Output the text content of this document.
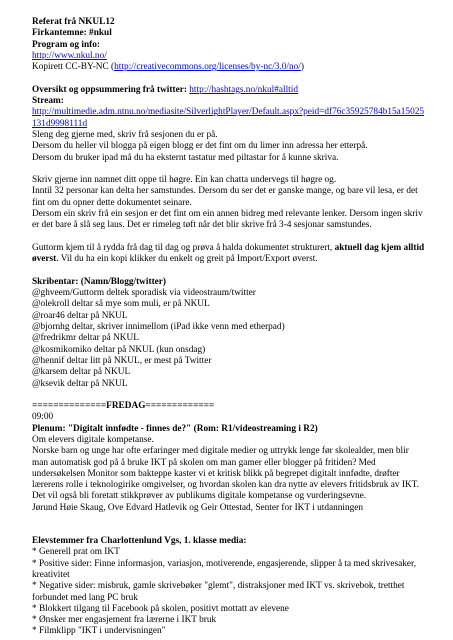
Referat frå NKUL12
Firkantemne: #nkul
Program og info:
http://www.nkul.no/
Kopirett CC-BY-NC (http://creativecommons.org/licenses/by-nc/3.0/no/)
Oversikt og oppsummering frå twitter: http://hashtags.no/nkul#alltid
Stream:
http://multimedie.adm.ntnu.no/mediasite/SilverlightPlayer/Default.aspx?peid=df76c35925784b15a15025
131d9998111d
Sleng deg gjerne med, skriv frå sesjonen du er på.
Dersom du heller vil blogga på eigen blogg er det fint om du limer inn adressa her etterpå.
Dersom du bruker ipad må du ha eksternt tastatur med piltastar for å kunne skriva.
Skriv gjerne inn namnet ditt oppe til høgre. Ein kan chatta undervegs til høgre og.
Inntil 32 personar kan delta her samstundes. Dersom du ser det er ganske mange, og bare vil lesa, er det
fint om du opner dette dokumentet seinare.
Dersom ein skriv frå ein sesjon er det fint om ein annen bidreg med relevante lenker. Dersom ingen skriv
er det bare å slå seg laus. Det er rimeleg tøft når det blir skrive frå 3-4 sesjonar samstundes.
Guttorm kjem til å rydda frå dag til dag og prøva å halda dokumentet strukturert, aktuell dag kjem alltid
øverst. Vil du ha ein kopi klikker du enkelt og greit på Import/Export øverst.
Skribentar: (Namn/Blogg/twitter)
@ghveem/Guttorm deltek sporadisk via videostraum/twitter
@olekroll deltar så mye som muli, er på NKUL
@roar46 deltar på NKUL
@bjornhg deltar, skriver innimellom (iPad ikke venn med etherpad)
@fredrikmr deltar på NKUL
@kosmikomiko deltar på NKUL (kun onsdag)
@hennif deltar litt på NKUL, er mest på Twitter
@karsem deltar på NKUL
@ksevik deltar på NKUL
==============FREDAG=============
09:00
Plenum: "Digitalt innfødte - finnes de?" (Rom: R1/videostreaming i R2)
Om elevers digitale kompetanse.
Norske barn og unge har ofte erfaringer med digitale medier og uttrykk lenge før skolealder, men blir
man automatisk god på å bruke IKT på skolen om man gamer eller blogger på fritiden? Med
undersøkelsen Monitor som bakteppe kaster vi et kritisk blikk på begrepet digitalt innfødte, drøfter
lærerens rolle i teknologirike omgivelser, og hvordan skolen kan dra nytte av elevers fritidsbruk av IKT.
Det vil også bli foretatt stikkprøver av publikums digitale kompetanse og vurderingsevne.
Jørund Høie Skaug, Ove Edvard Hatlevik og Geir Ottestad, Senter for IKT i utdanningen
Elevstemmer fra Charlottenlund Vgs, 1. klasse media:
* Generell prat om IKT
* Positive sider: Finne informasjon, variasjon, motiverende, engasjerende, slipper å ta med skrivesaker,
kreativitet
* Negative sider: misbruk, gamle skrivebøker "glemt", distraksjoner med IKT vs. skrivebok, tretthet
forbundet med lang PC bruk
* Blokkert tilgang til Facebook på skolen, positivt mottatt av elevene
* Ønsker mer engasjement fra lærerne i IKT bruk
* Filmklipp "IKT i undervisningen"
